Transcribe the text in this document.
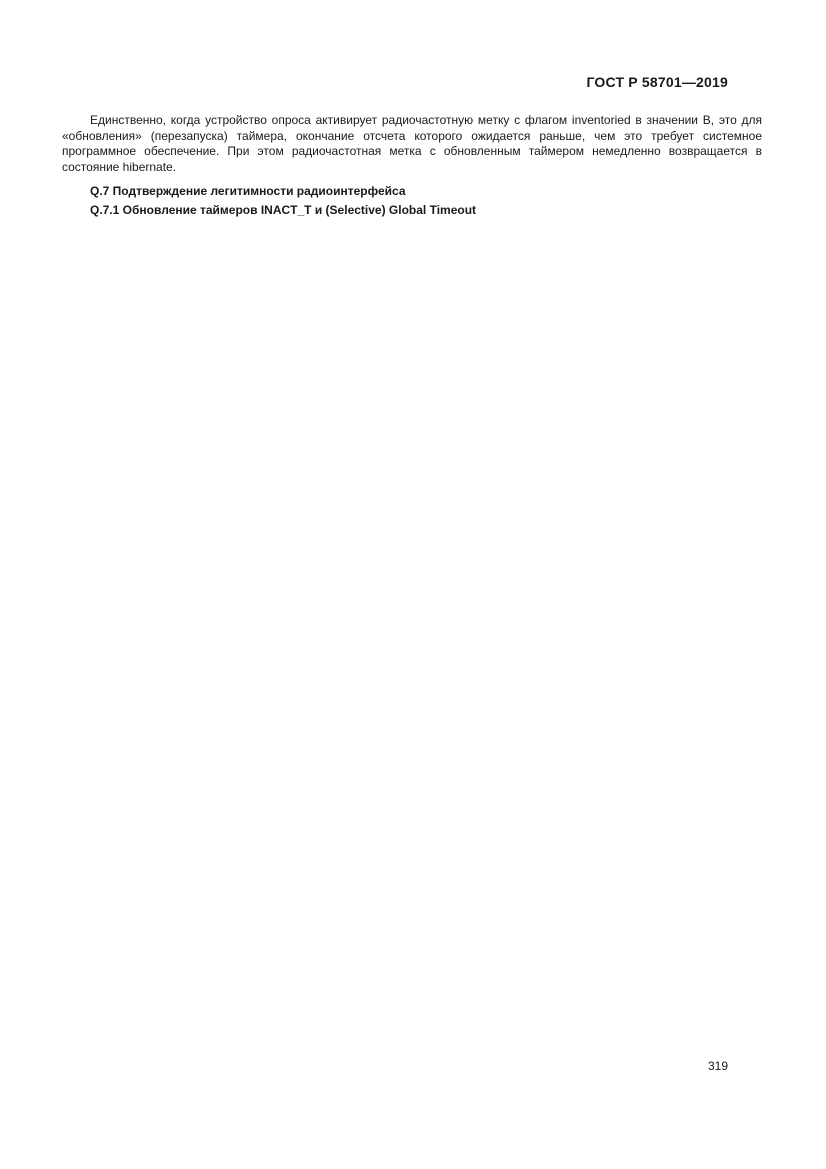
ГОСТ Р 58701—2019

Единственно, когда устройство опроса активирует радиочастотную метку с флагом inventoried в значении B, это для «обновления» (перезапуска) таймера, окончание отсчета которого ожидается раньше, чем это требует системное программное обеспечение. При этом радиочастотная метка с обновленным таймером немедленно возвращается в состояние hibernate.

Q.7 Подтверждение легитимности радиоинтерфейса

Q.7.1 Обновление таймеров INACT_T и (Selective) Global Timeout

319
